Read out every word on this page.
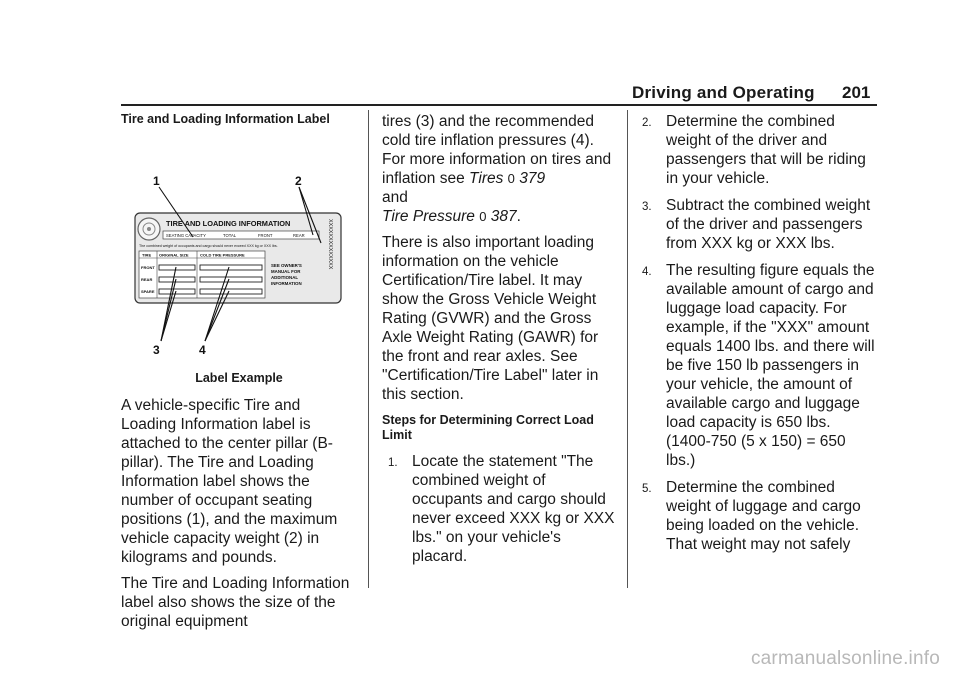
Driving and Operating 201

Tire and Loading Information Label

TIRE AND LOADING INFORMATION
SEATING CAPACITY	TOTAL	FRONT	REAR
The combined weight of occupants and cargo should never exceed XXX kg or XXX lbs.
TIRE ORIGINAL SIZE	COLD TIRE PRESSURE
FRONT
REAR
SPARE
SEE OWNER'S MANUAL FOR ADDITIONAL INFORMATION
XXXXXXXXXXXXXX
1	2
3	4

Label Example

A vehicle-specific Tire and Loading Information label is attached to the center pillar (B-pillar). The Tire and Loading Information label shows the number of occupant seating positions (1), and the maximum vehicle capacity weight (2) in kilograms and pounds.

The Tire and Loading Information label also shows the size of the original equipment

tires (3) and the recommended cold tire inflation pressures (4). For more information on tires and inflation see Tires 0 379
and
Tire Pressure 0 387.

There is also important loading information on the vehicle Certification/Tire label. It may show the Gross Vehicle Weight Rating (GVWR) and the Gross Axle Weight Rating (GAWR) for the front and rear axles. See "Certification/Tire Label" later in this section.

Steps for Determining Correct Load Limit

1. Locate the statement "The combined weight of occupants and cargo should never exceed XXX kg or XXX lbs." on your vehicle's placard.
2. Determine the combined weight of the driver and passengers that will be riding in your vehicle.
3. Subtract the combined weight of the driver and passengers from XXX kg or XXX lbs.
4. The resulting figure equals the available amount of cargo and luggage load capacity. For example, if the "XXX" amount equals 1400 lbs. and there will be five 150 lb passengers in your vehicle, the amount of available cargo and luggage load capacity is 650 lbs. (1400-750 (5 x 150) = 650 lbs.)
5. Determine the combined weight of luggage and cargo being loaded on the vehicle. That weight may not safely
carmanualsonline.info
